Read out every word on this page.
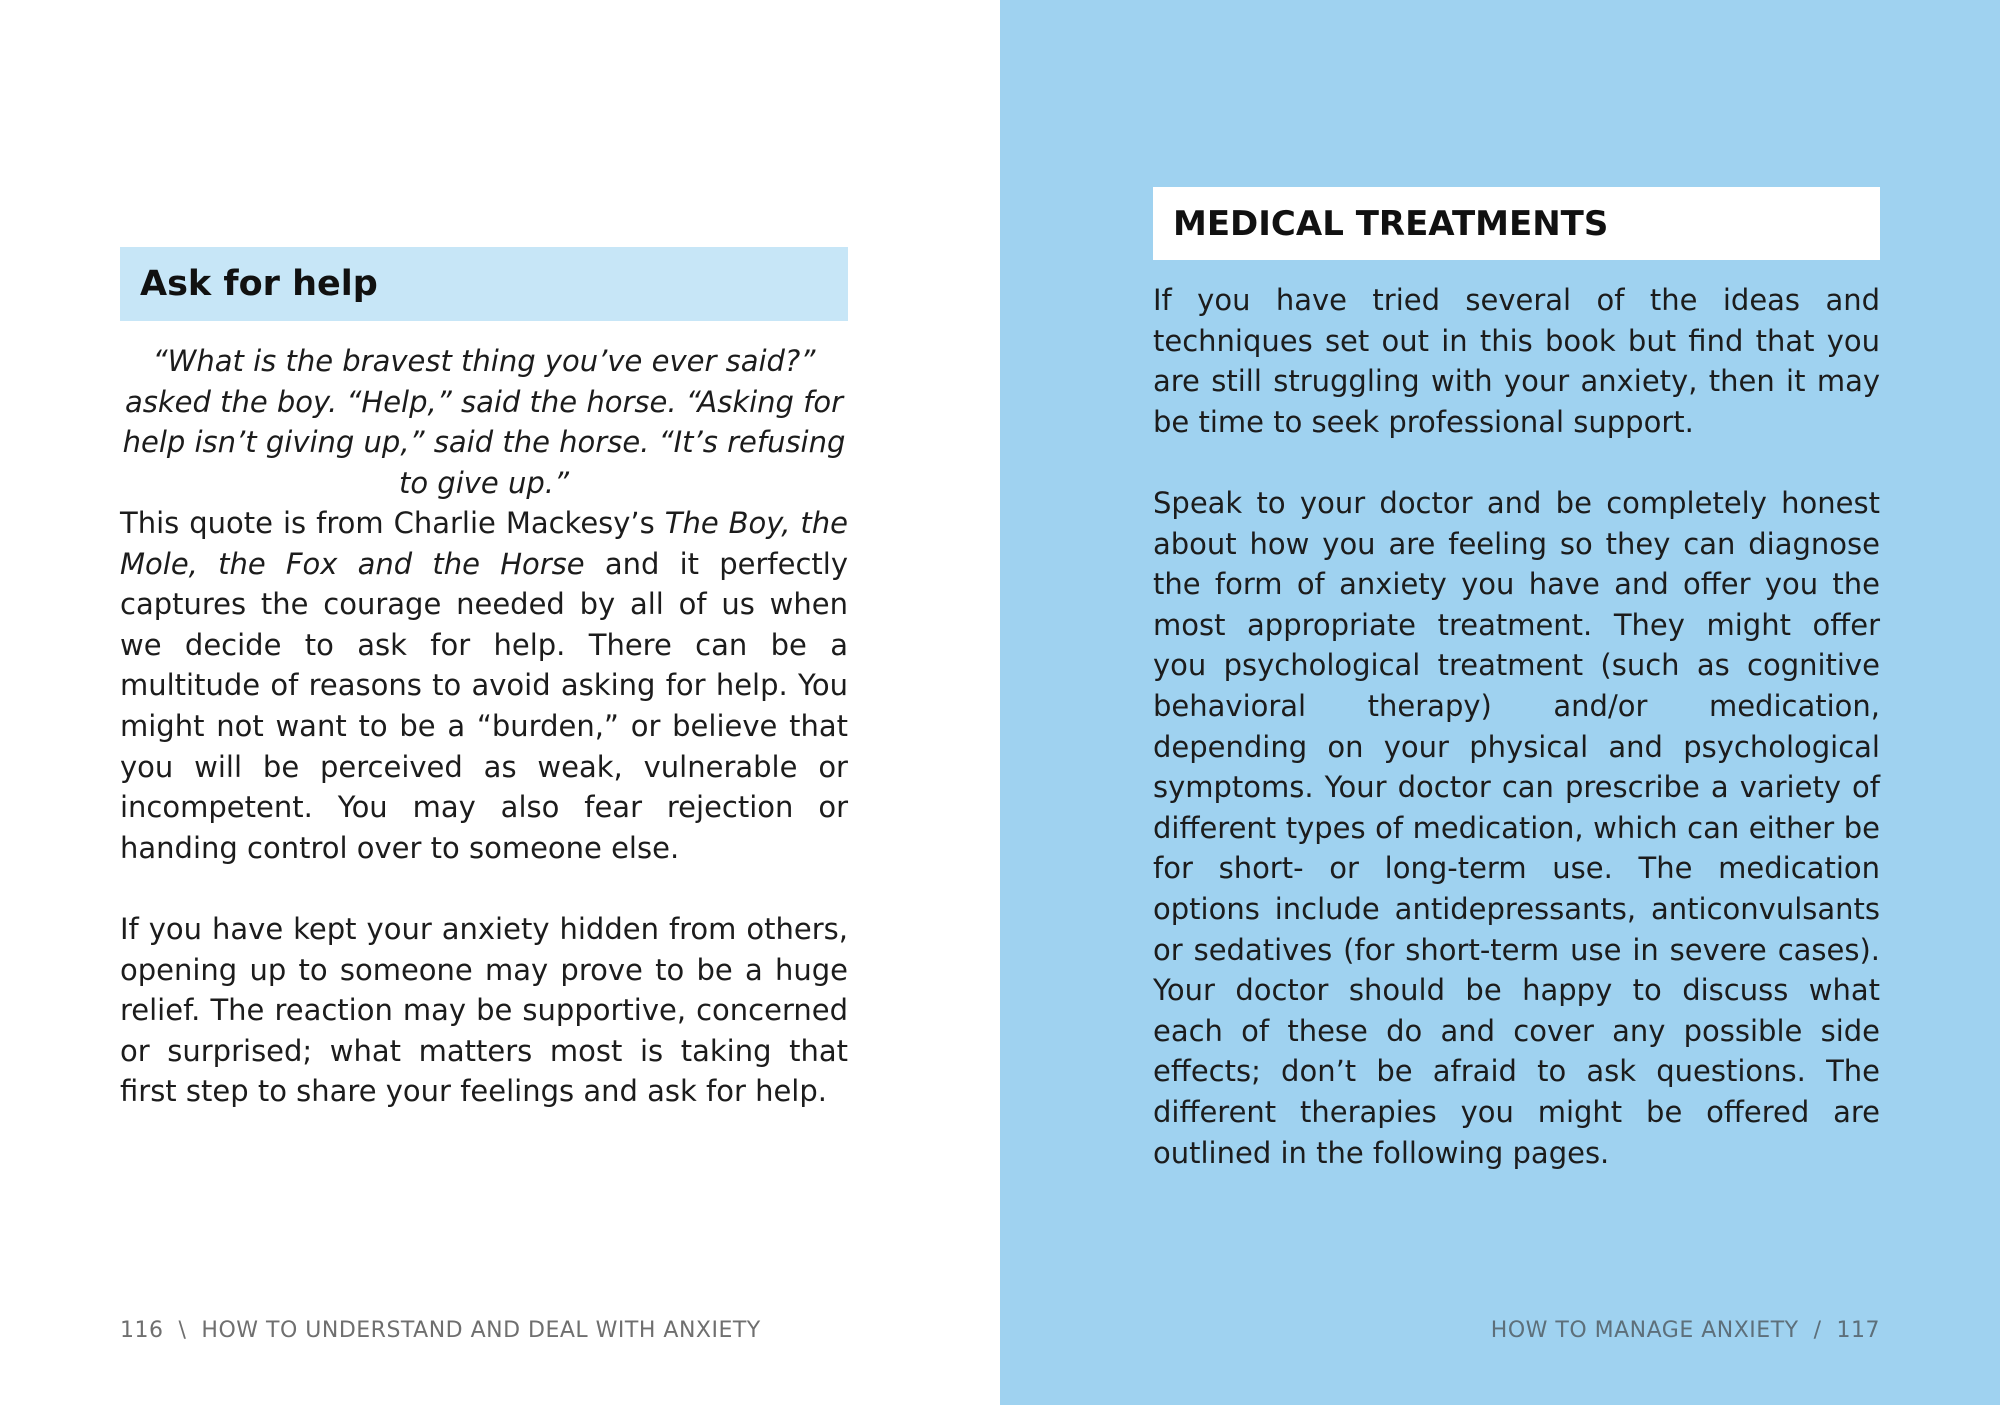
Ask for help

“What is the bravest thing you’ve ever said?” asked the boy. “Help,” said the horse. “Asking for help isn’t giving up,” said the horse. “It’s refusing to give up.”

This quote is from Charlie Mackesy’s The Boy, the Mole, the Fox and the Horse and it perfectly captures the courage needed by all of us when we decide to ask for help. There can be a multitude of reasons to avoid asking for help. You might not want to be a “burden,” or believe that you will be perceived as weak, vulnerable or incompetent. You may also fear rejection or handing control over to someone else.

If you have kept your anxiety hidden from others, opening up to someone may prove to be a huge relief. The reaction may be supportive, concerned or surprised; what matters most is taking that first step to share your feelings and ask for help.

116 \ HOW TO UNDERSTAND AND DEAL WITH ANXIETY
MEDICAL TREATMENTS

If you have tried several of the ideas and techniques set out in this book but find that you are still struggling with your anxiety, then it may be time to seek professional support.

Speak to your doctor and be completely honest about how you are feeling so they can diagnose the form of anxiety you have and offer you the most appropriate treatment. They might offer you psychological treatment (such as cognitive behavioral therapy) and/or medication, depending on your physical and psychological symptoms. Your doctor can prescribe a variety of different types of medication, which can either be for short- or long-term use. The medication options include antidepressants, anticonvulsants or sedatives (for short-term use in severe cases). Your doctor should be happy to discuss what each of these do and cover any possible side effects; don’t be afraid to ask questions. The different therapies you might be offered are outlined in the following pages.

HOW TO MANAGE ANXIETY / 117
